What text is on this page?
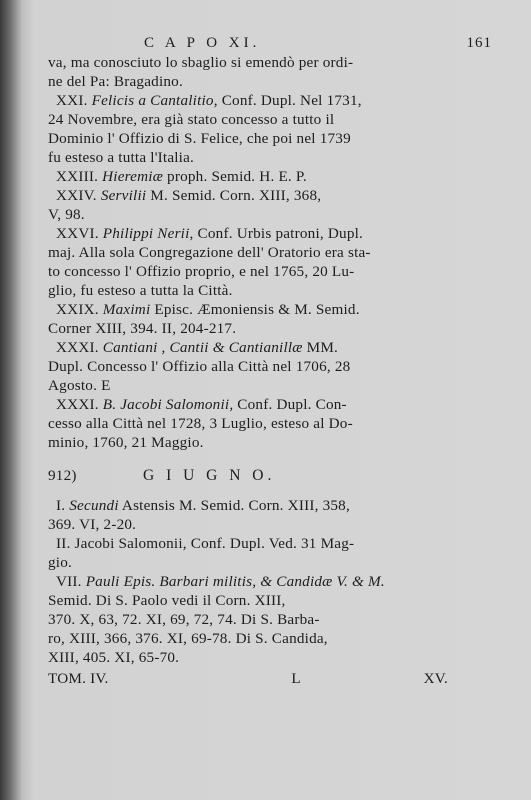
C A P O XI.	161

va, ma conosciuto lo sbaglio si emendò per ordi-

ne del Pa: Bragadino.

XXI. Felicis a Cantalitio, Conf. Dupl. Nel 1731,
24 Novembre, era già stato concesso a tutto il
Dominio l' Offizio di S. Felice, che poi nel 1739
fu esteso a tutta l'Italia.
XXIII. Hieremiæ proph. Semid. H. E. P.
XXIV. Servilii M. Semid. Corn. XIII, 368,
V, 98.
XXVI. Philippi Nerii, Conf. Urbis patroni, Dupl.
maj. Alla sola Congregazione dell' Oratorio era sta-
to concesso l' Offizio proprio, e nel 1765, 20 Lu-
glio, fu esteso a tutta la Città.
XXIX. Maximi Episc. Æmoniensis & M. Semid.
Corner XIII, 394. II, 204-217.
XXXI. Cantiani , Cantii & Cantianillæ MM.
Dupl. Concesso l' Offizio alla Città nel 1706, 28
Agosto. E
XXXI. B. Jacobi Salomonii, Conf. Dupl. Con-
cesso alla Città nel 1728, 3 Luglio, esteso al Do-
minio, 1760, 21 Maggio.
912)	G I U G N O.
I. Secundi Astensis M. Semid. Corn. XIII, 358,
369. VI, 2-20.
II. Jacobi Salomonii, Conf. Dupl. Ved. 31 Mag-
gio.
VII. Pauli Epis. Barbari militis, & Candidæ V. & M.
Semid. Di S. Paolo vedi il Corn. XIII,
370. X, 63, 72. XI, 69, 72, 74. Di S. Barba-
ro, XIII, 366, 376. XI, 69-78. Di S. Candida,
XIII, 405. XI, 65-70.
TOM. IV.	L	XV.
